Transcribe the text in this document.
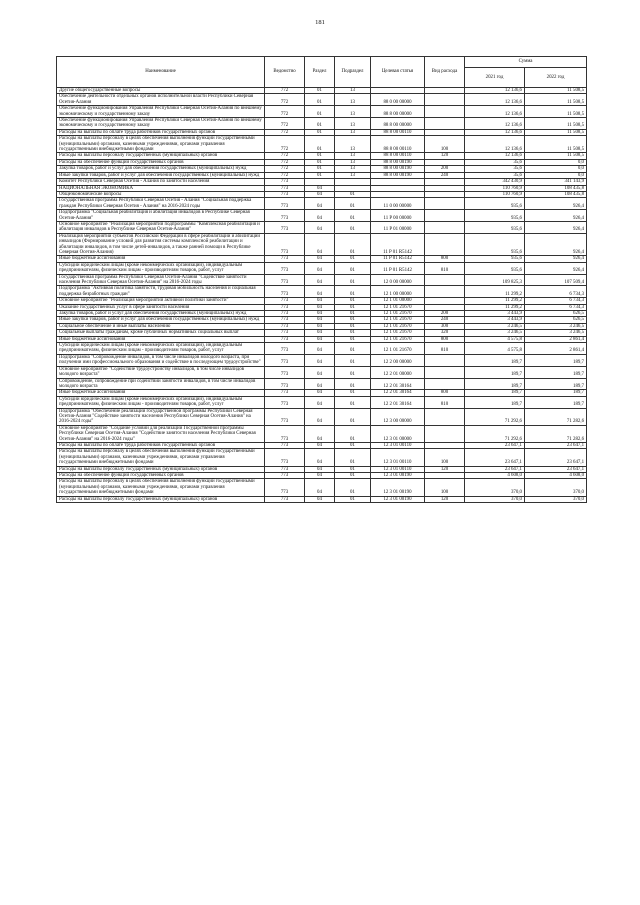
181
Наименование	Ведомство	Раздел	Подраздел	Целевая статья	Вид расхода	Сумма	
						2021 год	2022 год
Другие общегосударственные вопросы	772	01	13			12 136,6	11 508,5
Обеспечение деятельности отдельных органов исполнительной власти Республики Северная Осетия-Алания	772	01	13	88 0 00 00000		12 136,6	11 508,5
Обеспечение функционирования Управления Республики Северная Осетия-Алания по внешнему экономическому и государственному заказу	772	01	13	88 8 00 00000		12 136,6	11 508,5
Обеспечение функционирования Управления Республики Северная Осетия-Алания по внешнему экономическому и государственному заказу	772	01	13	88 8 00 00000		12 136,6	11 508,5
Расходы на выплаты по оплате труда работников государственных органов	772	01	13	88 8 00 00110		12 136,6	11 508,5
Расходы на выплаты персоналу в целях обеспечения выполнения функций государственными (муниципальными) органами, казенными учреждениями, органами управления государственными внебюджетными фондами	772	01	13	88 8 00 00110	100	12 136,6	11 508,5
Расходы на выплаты персоналу государственных (муниципальных) органов	772	01	13	88 8 00 00110	120	12 136,6	11 508,5
Расходы на обеспечение функций государственных органов	772	01	13	88 8 00 00190		35,6	0,0
Закупка товаров, работ и услуг для обеспечения государственных (муниципальных) нужд	772	01	13	88 8 00 00190	200	35,6	0,0
Иные закупки товаров, работ и услуг для обеспечения государственных (муниципальных) нужд	772	01	13	88 8 00 00190	240	35,6	0,0
Комитет Республики Северная Осетия - Алания по занятости населения	773					342 430,9	341 143,9
НАЦИОНАЛЬНАЯ ЭКОНОМИКА	773	04				110 760,9	108 435,8
Общеэкономические вопросы	773	04	01			110 760,9	108 435,8
Государственная программа Республики Северная Осетия - Алания "Социальная поддержка граждан Республики Северная Осетия - Алания" на 2016-2024 годы	773	04	01	11 0 00 00000		935,6	926,4
Подпрограмма "Социальная реабилитация и абилитация инвалидов в Республике Северная Осетия-Алания"	773	04	01	11 P 00 00000		935,6	926,4
Основное мероприятие "Реализация мероприятий подпрограммы "Комплексная реабилитация и абилитация инвалидов в Республике Северная Осетия-Алания"	773	04	01	11 P 01 00000		935,6	926,4
Реализация мероприятий субъектов Российской Федерации в сфере реабилитации и абилитации инвалидов (Формирование условий для развития системы комплексной реабилитации и абилитации инвалидов, в том числе детей-инвалидов, а также ранней помощи в Республике Северная Осетия-Алания)	773	04	01	11 P 01 R5142		935,6	926,4
Иные бюджетные ассигнования	773	04	01	11 P 01 R5142	800	935,6	926,4
Субсидии юридическим лицам (кроме некоммерческих организаций), индивидуальным предпринимателям, физическим лицам - производителям товаров, работ, услуг	773	04	01	11 P 01 R5142	810	935,6	926,4
Государственная программа Республики Северная Осетия-Алания "Содействие занятости населения Республики Северная Осетия-Алания" на 2016-2024 годы	773	04	01	12 0 00 00000		109 825,3	107 509,4
Подпрограмма "Активная политика занятости, трудовая мобильность населения и социальная поддержка безработных граждан"	773	04	01	12 1 00 00000		11 299,2	6 734,3
Основное мероприятие "Реализация мероприятий активной политики занятости"	773	04	01	12 1 01 00000		11 299,2	6 734,3
Оказание государственных услуг в сфере занятости населения	773	04	01	12 1 01 21670		11 299,2	6 734,3
Закупка товаров, работ и услуг для обеспечения государственных (муниципальных) нужд	773	04	01	12 1 01 21670	200	3 443,9	626,5
Иные закупки товаров, работ и услуг для обеспечения государственных (муниципальных) нужд	773	04	01	12 1 01 21670	240	3 443,9	626,5
Социальное обеспечение и иные выплаты населению	773	04	01	12 1 01 21670	300	3 246,5	3 246,5
Социальные выплаты гражданам, кроме публичных нормативных социальных выплат	773	04	01	12 1 01 21670	320	3 246,5	3 246,5
Иные бюджетные ассигнования	773	04	01	12 1 01 21670	800	4 575,8	2 861,4
Субсидии юридическим лицам (кроме некоммерческих организаций), индивидуальным предпринимателям, физическим лицам - производителям товаров, работ, услуг	773	04	01	12 1 01 21670	810	4 575,8	2 861,4
Подпрограмма "Сопровождение инвалидов, в том числе инвалидов молодого возраста, при получении ими профессионального образования и содействие в последующем трудоустройстве"	773	04	01	12 2 00 00000		189,7	189,7
Основное мероприятие "Содействие трудоустройству инвалидов, в том числе инвалидов молодого возраста"	773	04	01	12 2 01 00000		189,7	189,7
Сопровождение, сопровождение при содействии занятости инвалидов, в том числе инвалидов молодого возраста	773	04	01	12 2 01 30164		189,7	189,7
Иные бюджетные ассигнования	773	04	01	12 2 01 30164	800	189,7	189,7
Субсидии юридическим лицам (кроме некоммерческих организаций), индивидуальным предпринимателям, физическим лицам - производителям товаров, работ, услуг	773	04	01	12 2 01 30164	810	189,7	189,7
Подпрограмма "Обеспечение реализации государственной программы Республики Северная Осетия-Алания "Содействие занятости населения Республики Северная Осетия-Алания" на 2016-2024 годы"	773	04	01	12 3 00 00000		71 292,6	71 282,6
Основное мероприятие "Создание условий для реализации Государственной программы Республики Северная Осетия-Алания "Содействие занятости населения Республики Северная Осетия-Алания" на 2016-2024 годы"	773	04	01	12 3 01 00000		71 292,6	71 282,6
Расходы на выплаты по оплате труда работников государственных органов	773	04	01	12 3 01 00110		23 647,1	23 647,1
Расходы на выплаты персоналу в целях обеспечения выполнения функций государственными (муниципальными) органами, казенными учреждениями, органами управления государственными внебюджетными фондами	773	04	01	12 3 01 00110	100	23 647,1	23 647,1
Расходы на выплаты персоналу государственных (муниципальных) органов	773	04	01	12 3 01 00110	120	23 647,1	23 647,1
Расходы на обеспечение функций государственных органов	773	04	01	12 3 01 00190		4 608,0	4 608,0
Расходы на выплаты персоналу в целях обеспечения выполнения функций государственными (муниципальными) органами, казенными учреждениями, органами управления государственными внебюджетными фондами	773	04	01	12 3 01 00190	100	370,0	370,0
Расходы на выплаты персоналу государственных (муниципальных) органов	773	04	01	12 3 01 00190	120	370,0	370,0
